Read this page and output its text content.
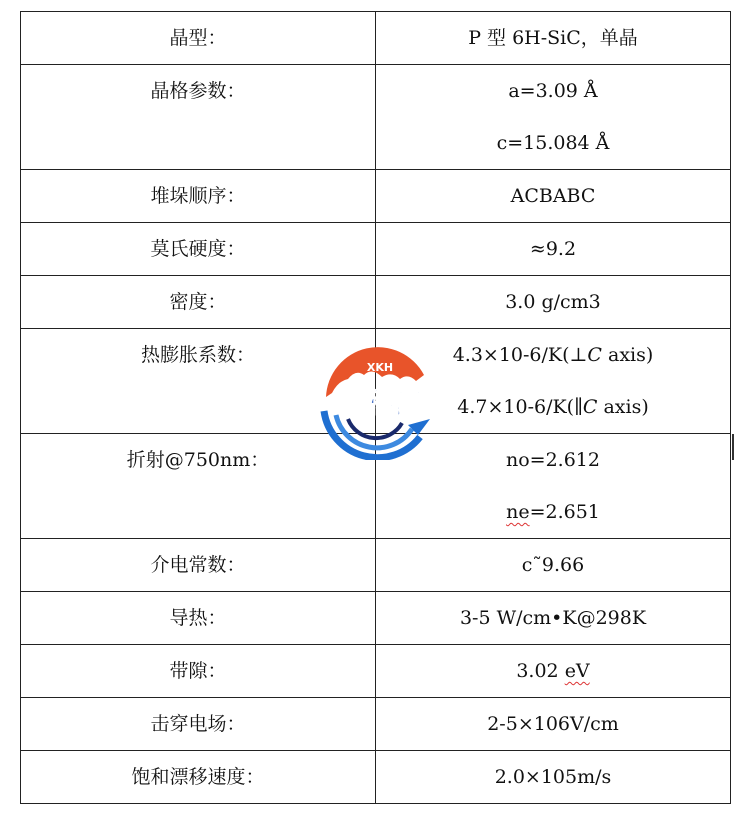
晶型：	P 型 6H-SiC，单晶

晶格参数：	a=3.09 Å
c=15.084 Å

堆垛顺序：	ACBABC

莫氏硬度：	≈9.2

密度：	3.0 g/cm3

热膨胀系数：	4.3×10-6/K(⊥C axis)
4.7×10-6/K(∥C axis)

折射@750nm：	no=2.612
ne=2.651

介电常数：	c˜9.66

导热：	3-5 W/cm•K@298K

带隙：	3.02 eV

击穿电场：	2-5×106V/cm

饱和漂移速度：	2.0×105m/s
XKH
鑫科汇
